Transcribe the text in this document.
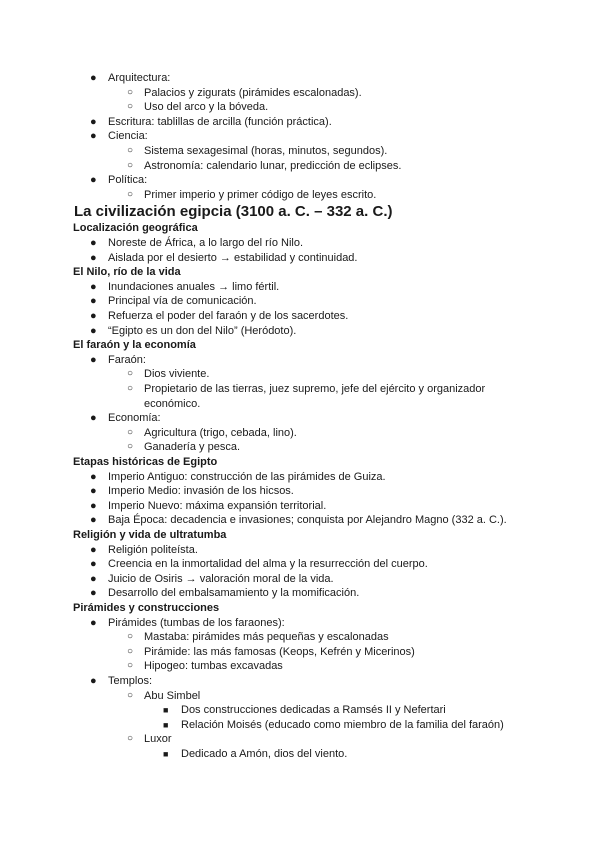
● Arquitectura:
○ Palacios y zigurats (pirámides escalonadas).
○ Uso del arco y la bóveda.
● Escritura: tablillas de arcilla (función práctica).
● Ciencia:
○ Sistema sexagesimal (horas, minutos, segundos).
○ Astronomía: calendario lunar, predicción de eclipses.
● Política:
○ Primer imperio y primer código de leyes escrito.
La civilización egipcia (3100 a. C. – 332 a. C.)
Localización geográfica
● Noreste de África, a lo largo del río Nilo.
● Aislada por el desierto → estabilidad y continuidad.
El Nilo, río de la vida
● Inundaciones anuales → limo fértil.
● Principal vía de comunicación.
● Refuerza el poder del faraón y de los sacerdotes.
● “Egipto es un don del Nilo” (Heródoto).
El faraón y la economía
● Faraón:
○ Dios viviente.
○ Propietario de las tierras, juez supremo, jefe del ejército y organizador
económico.
● Economía:
○ Agricultura (trigo, cebada, lino).
○ Ganadería y pesca.
Etapas históricas de Egipto
● Imperio Antiguo: construcción de las pirámides de Guiza.
● Imperio Medio: invasión de los hicsos.
● Imperio Nuevo: máxima expansión territorial.
● Baja Época: decadencia e invasiones; conquista por Alejandro Magno (332 a. C.).
Religión y vida de ultratumba
● Religión politeísta.
● Creencia en la inmortalidad del alma y la resurrección del cuerpo.
● Juicio de Osiris → valoración moral de la vida.
● Desarrollo del embalsamamiento y la momificación.
Pirámides y construcciones
● Pirámides (tumbas de los faraones):
○ Mastaba: pirámides más pequeñas y escalonadas
○ Pirámide: las más famosas (Keops, Kefrén y Micerinos)
○ Hipogeo: tumbas excavadas
● Templos:
○ Abu Simbel
■ Dos construcciones dedicadas a Ramsés II y Nefertari
■ Relación Moisés (educado como miembro de la familia del faraón)
○ Luxor
■ Dedicado a Amón, dios del viento.
